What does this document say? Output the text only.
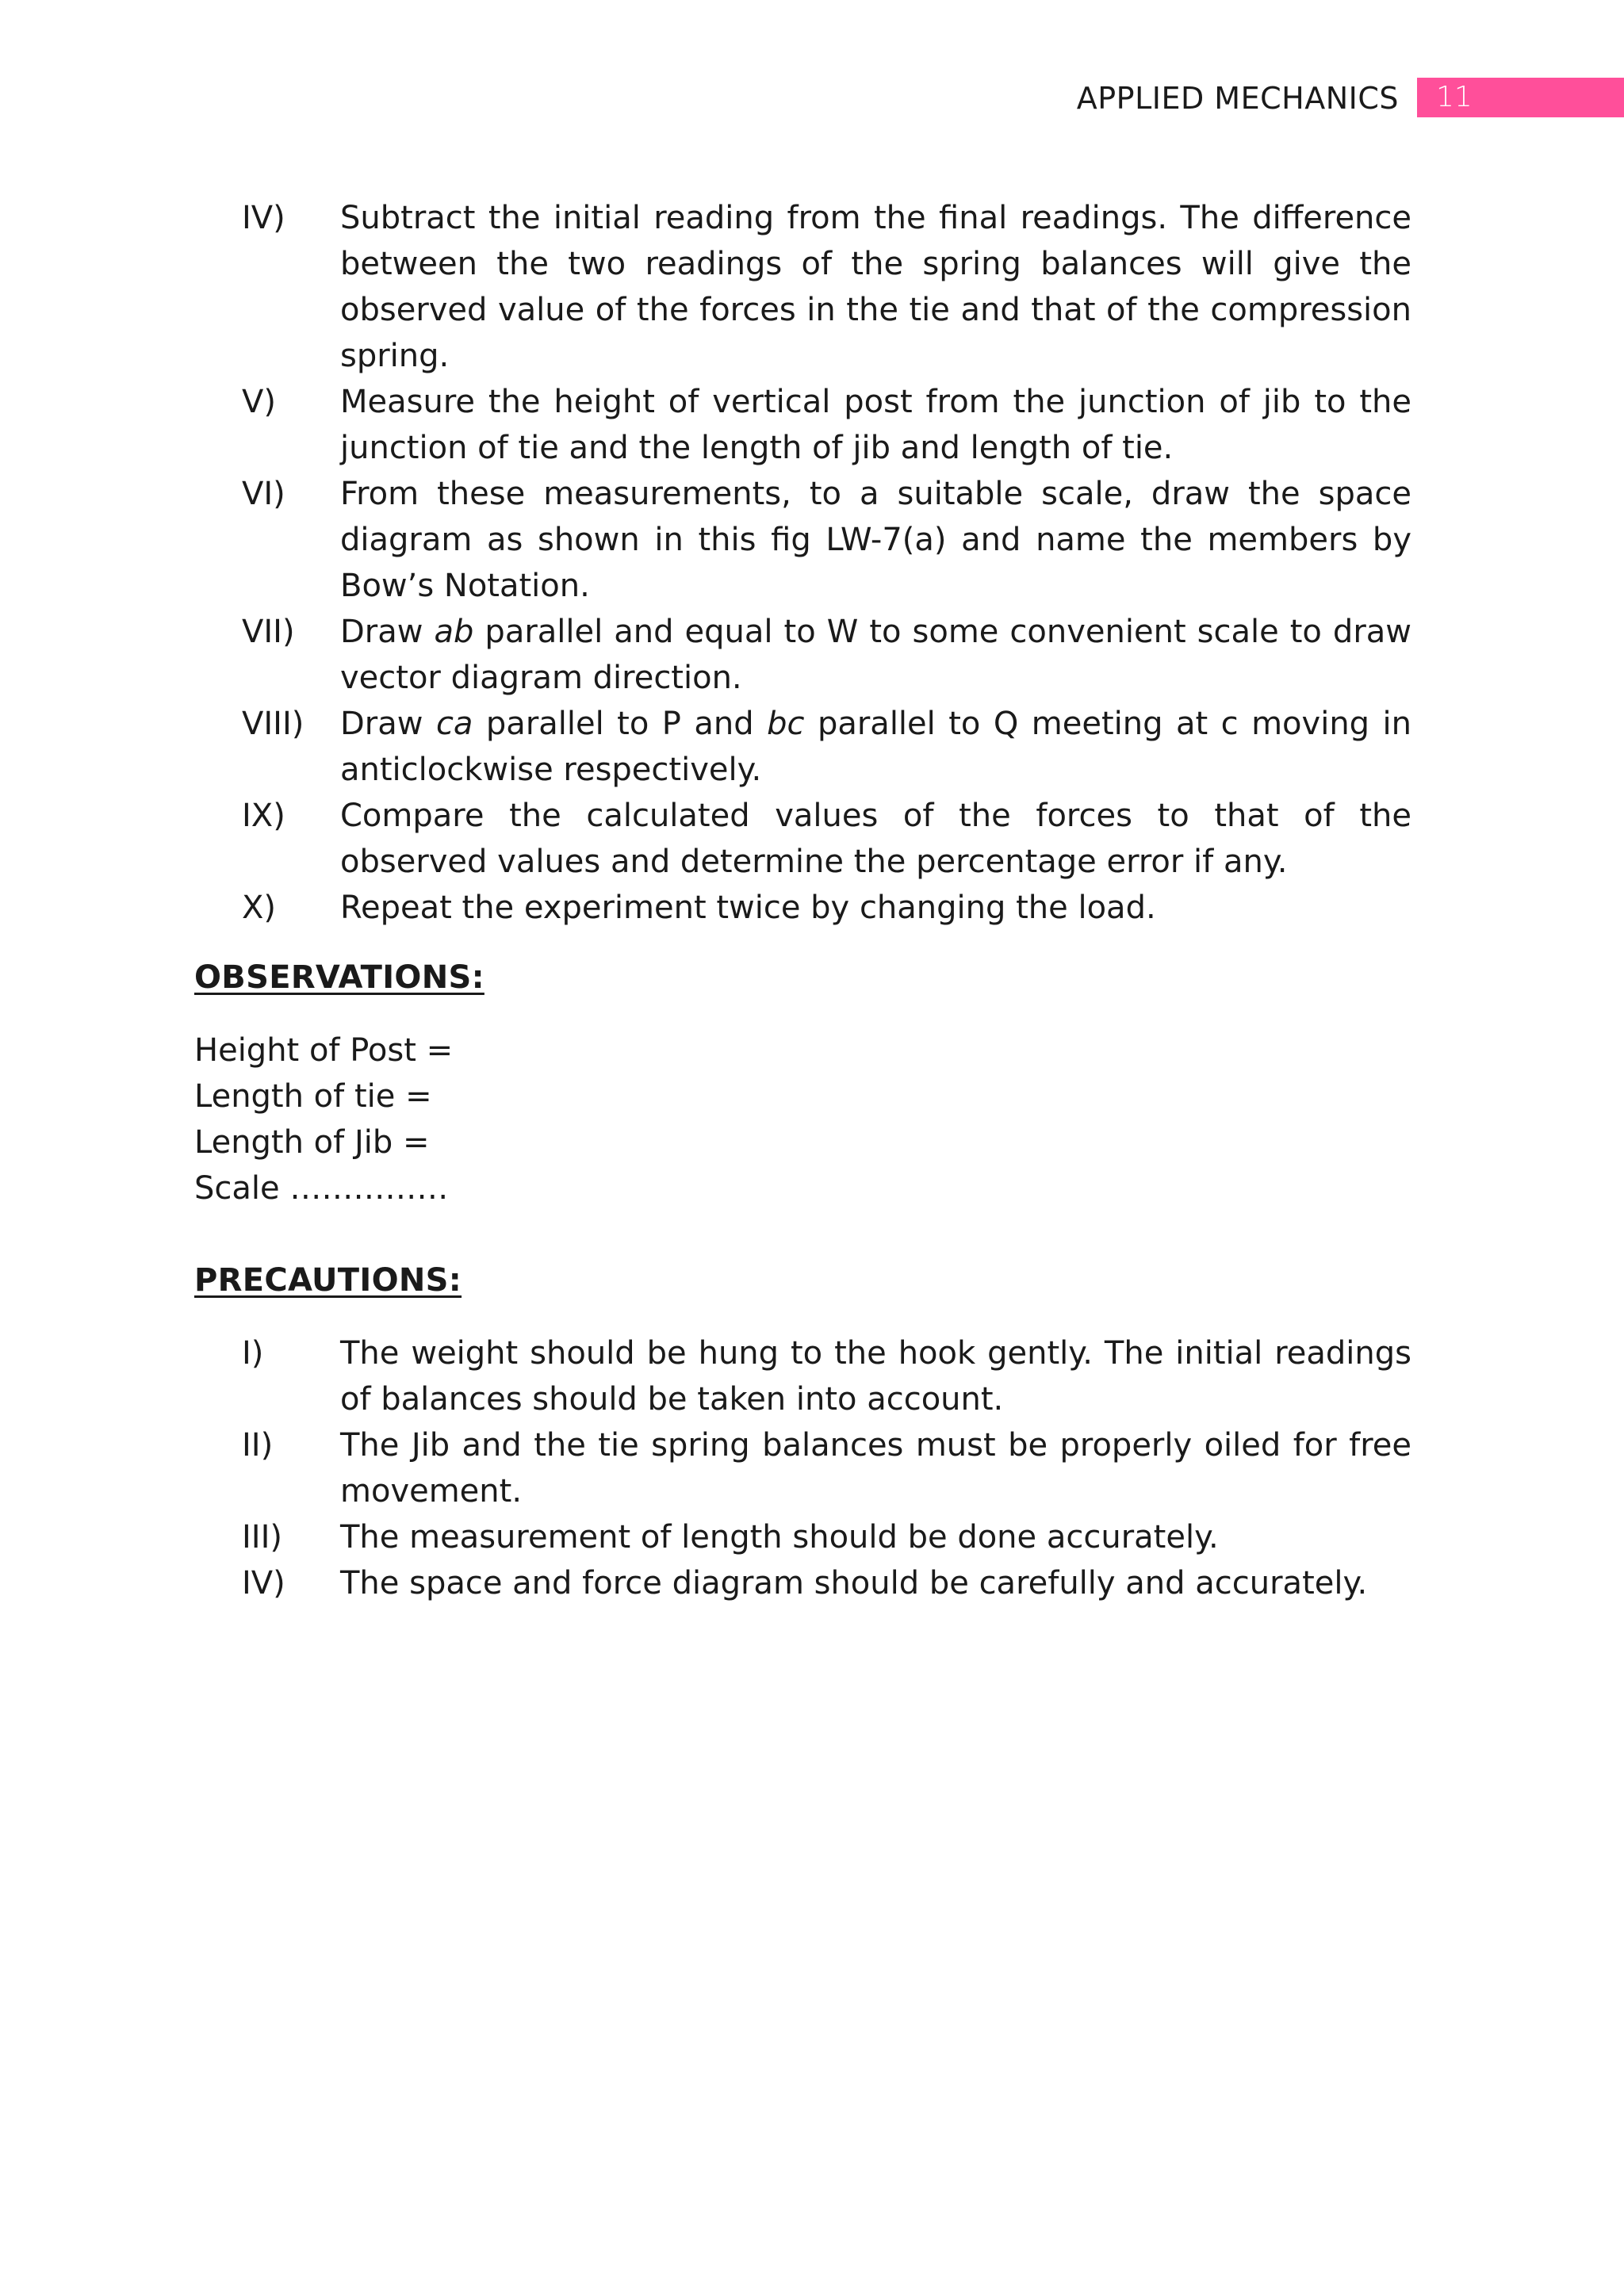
APPLIED MECHANICS 11
IV) Subtract the initial reading from the final readings. The difference between the two readings of the spring balances will give the observed value of the forces in the tie and that of the compression spring.
V) Measure the height of vertical post from the junction of jib to the junction of tie and the length of jib and length of tie.
VI) From these measurements, to a suitable scale, draw the space diagram as shown in this fig LW-7(a) and name the members by Bow’s Notation.
VII) Draw ab parallel and equal to W to some convenient scale to draw vector diagram direction.
VIII) Draw ca parallel to P and bc parallel to Q meeting at c moving in anticlockwise respectively.
IX) Compare the calculated values of the forces to that of the observed values and determine the percentage error if any.
X) Repeat the experiment twice by changing the load.
OBSERVATIONS:

Height of Post =

Length of tie =

Length of Jib =

Scale ……………

PRECAUTIONS:
I) The weight should be hung to the hook gently. The initial readings of balances should be taken into account.
II) The Jib and the tie spring balances must be properly oiled for free movement.
III) The measurement of length should be done accurately.
IV) The space and force diagram should be carefully and accurately.
